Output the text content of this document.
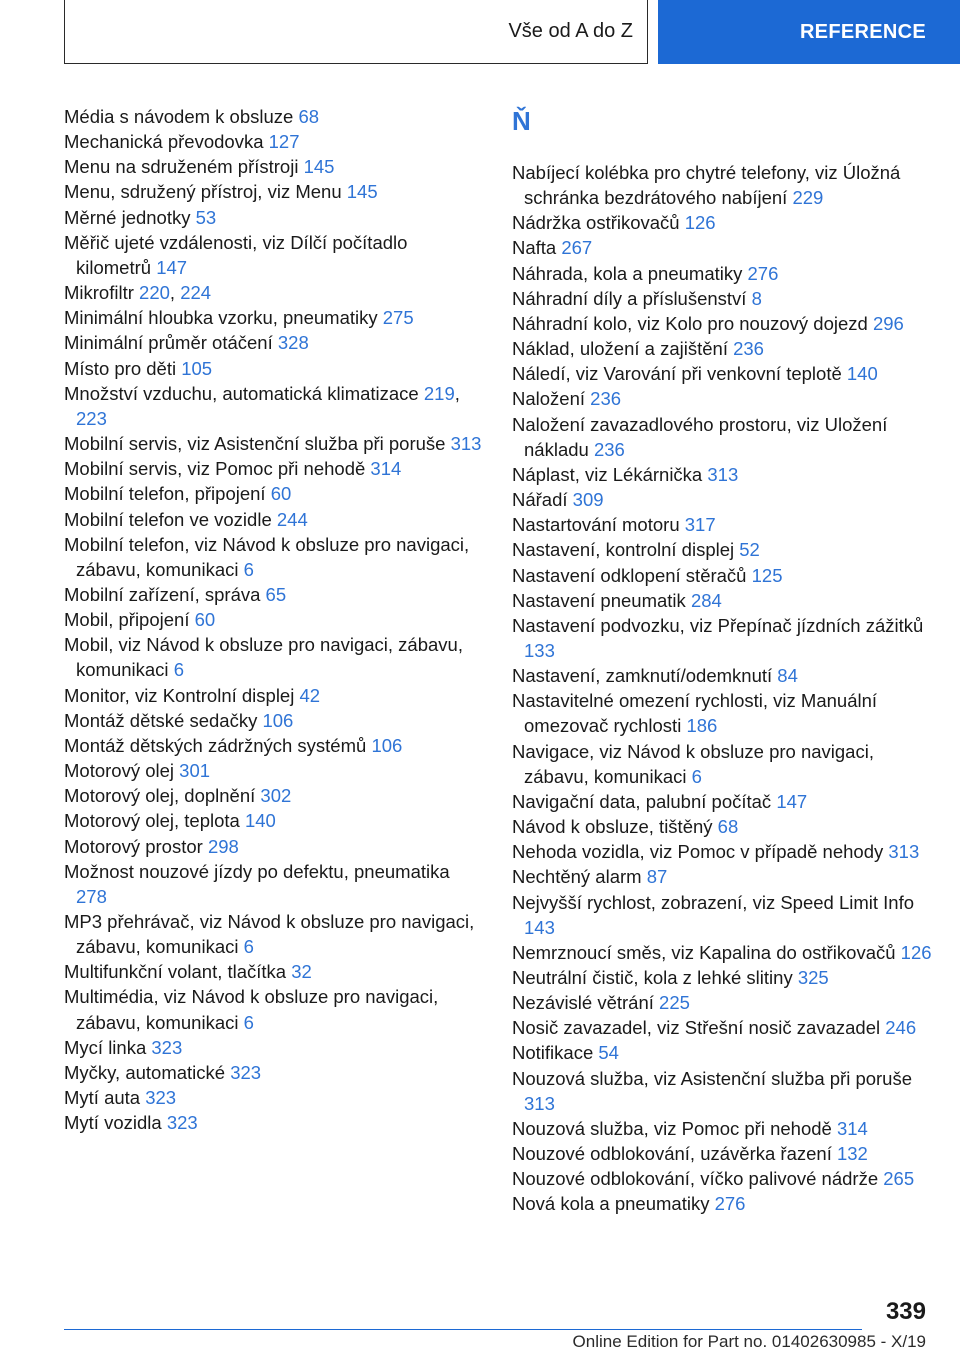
Vše od A do Z	REFERENCE

Média s návodem k obsluze 68

Mechanická převodovka 127

Menu na sdruženém přístroji 145

Menu, sdružený přístroj, viz Menu 145

Měrné jednotky 53

Měřič ujeté vzdálenosti, viz Dílčí počítadlo kilometrů 147

Mikrofiltr 220, 224

Minimální hloubka vzorku, pneumatiky 275

Minimální průměr otáčení 328

Místo pro děti 105

Množství vzduchu, automatická klimatizace 219, 223

Mobilní servis, viz Asistenční služba při poruše 313

Mobilní servis, viz Pomoc při nehodě 314

Mobilní telefon, připojení 60

Mobilní telefon ve vozidle 244

Mobilní telefon, viz Návod k obsluze pro navigaci, zábavu, komunikaci 6

Mobilní zařízení, správa 65

Mobil, připojení 60

Mobil, viz Návod k obsluze pro navigaci, zábavu, komunikaci 6

Monitor, viz Kontrolní displej 42

Montáž dětské sedačky 106

Montáž dětských zádržných systémů 106

Motorový olej 301

Motorový olej, doplnění 302

Motorový olej, teplota 140

Motorový prostor 298

Možnost nouzové jízdy po defektu, pneumatika 278

MP3 přehrávač, viz Návod k obsluze pro navigaci, zábavu, komunikaci 6

Multifunkční volant, tlačítka 32

Multimédia, viz Návod k obsluze pro navigaci, zábavu, komunikaci 6

Mycí linka 323

Myčky, automatické 323

Mytí auta 323

Mytí vozidla 323

Ň

Nabíjecí kolébka pro chytré telefony, viz Úložná schránka bezdrátového nabíjení 229

Nádržka ostřikovačů 126

Nafta 267

Náhrada, kola a pneumatiky 276

Náhradní díly a příslušenství 8

Náhradní kolo, viz Kolo pro nouzový dojezd 296

Náklad, uložení a zajištění 236

Náledí, viz Varování při venkovní teplotě 140

Naložení 236

Naložení zavazadlového prostoru, viz Uložení nákladu 236

Náplast, viz Lékárnička 313

Nářadí 309

Nastartování motoru 317

Nastavení, kontrolní displej 52

Nastavení odklopení stěračů 125

Nastavení pneumatik 284

Nastavení podvozku, viz Přepínač jízdních zážitků 133

Nastavení, zamknutí/odemknutí 84

Nastavitelné omezení rychlosti, viz Manuální omezovač rychlosti 186

Navigace, viz Návod k obsluze pro navigaci, zábavu, komunikaci 6

Navigační data, palubní počítač 147

Návod k obsluze, tištěný 68

Nehoda vozidla, viz Pomoc v případě nehody 313

Nechtěný alarm 87

Nejvyšší rychlost, zobrazení, viz Speed Limit Info 143

Nemrznoucí směs, viz Kapalina do ostřikovačů 126

Neutrální čistič, kola z lehké slitiny 325

Nezávislé větrání 225

Nosič zavazadel, viz Střešní nosič zavazadel 246

Notifikace 54

Nouzová služba, viz Asistenční služba při poruše 313

Nouzová služba, viz Pomoc při nehodě 314

Nouzové odblokování, uzávěrka řazení 132

Nouzové odblokování, víčko palivové nádrže 265

Nová kola a pneumatiky 276

339
Online Edition for Part no. 01402630985 - X/19
